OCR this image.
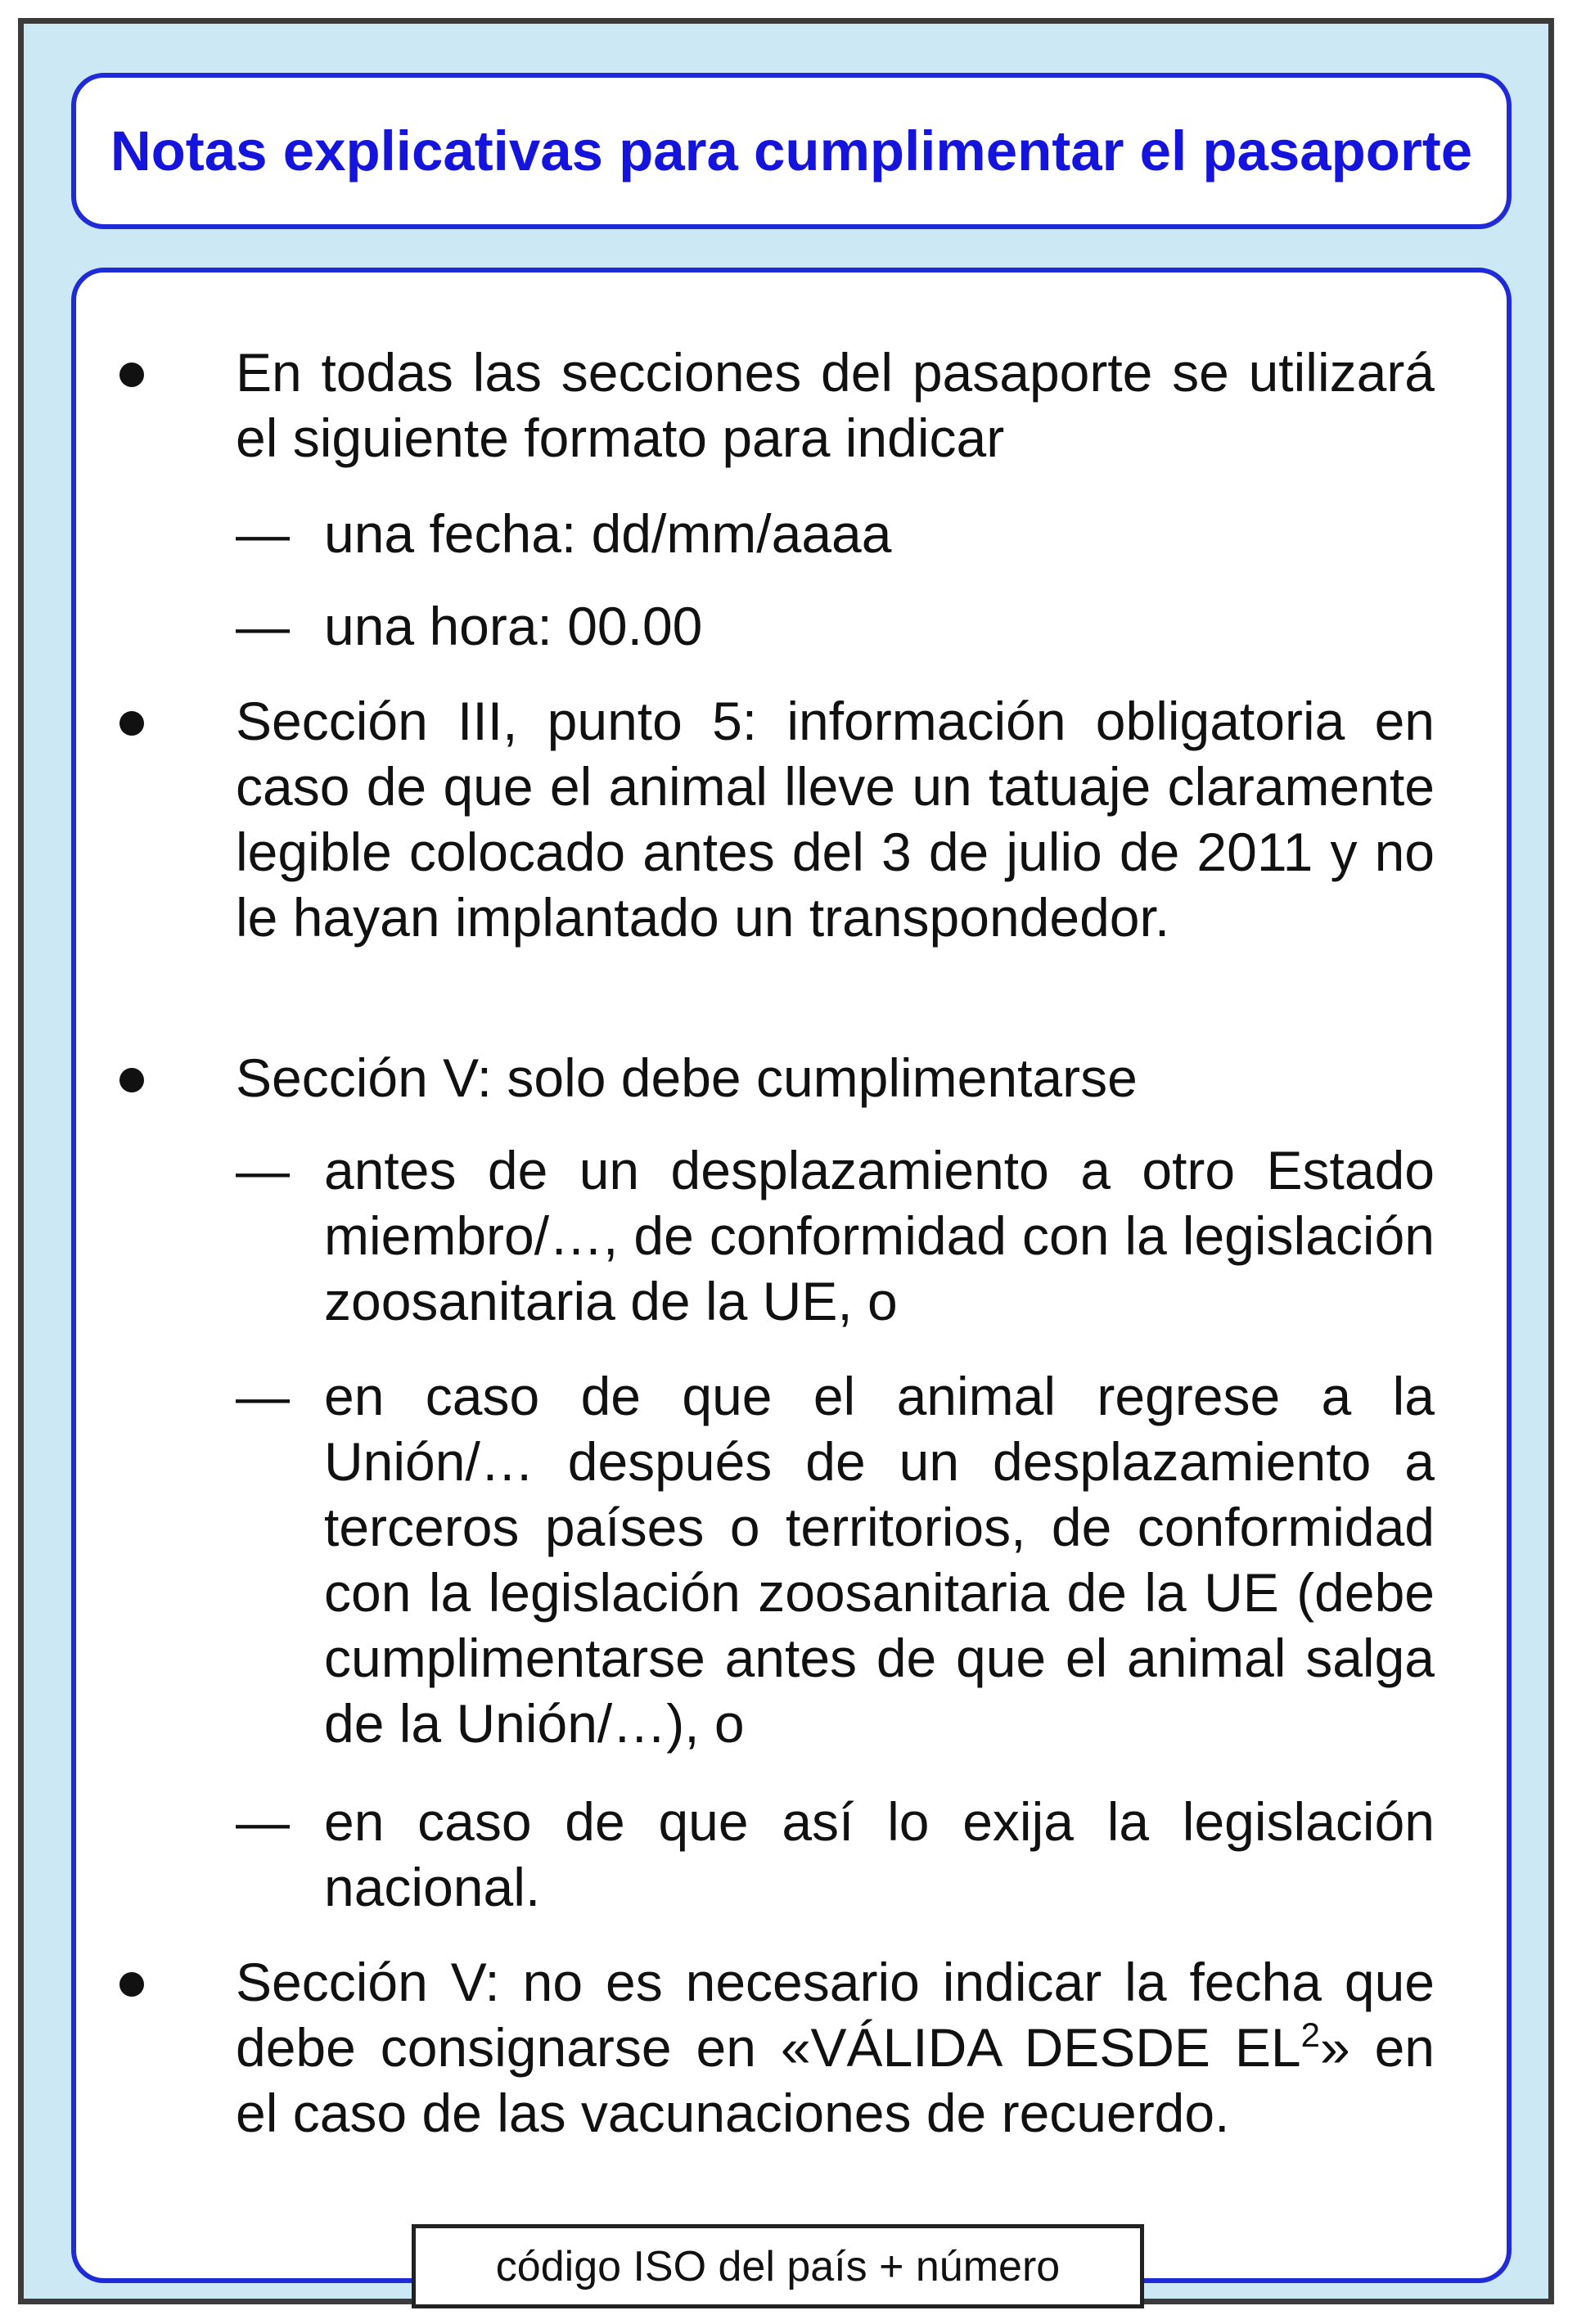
Notas explicativas para cumplimentar el pasaporte
En todas las secciones del pasaporte se utilizará el siguiente formato para indicar
— una fecha: dd/mm/aaaa
— una hora: 00.00
Sección III, punto 5: información obligatoria en caso de que el animal lleve un tatuaje claramente legible colocado antes del 3 de julio de 2011 y no le hayan implantado un transpondedor.
Sección V: solo debe cumplimentarse
— antes de un desplazamiento a otro Estado miembro/…, de conformidad con la legislación zoosanitaria de la UE, o
— en caso de que el animal regrese a la Unión/… después de un desplazamiento a terceros países o territorios, de conformidad con la legislación zoosanitaria de la UE (debe cumplimentarse antes de que el animal salga de la Unión/…), o
— en caso de que así lo exija la legislación nacional.
Sección V: no es necesario indicar la fecha que debe consignarse en «VÁLIDA DESDE $EL^2$» en el caso de las vacunaciones de recuerdo.
código ISO del país + número
